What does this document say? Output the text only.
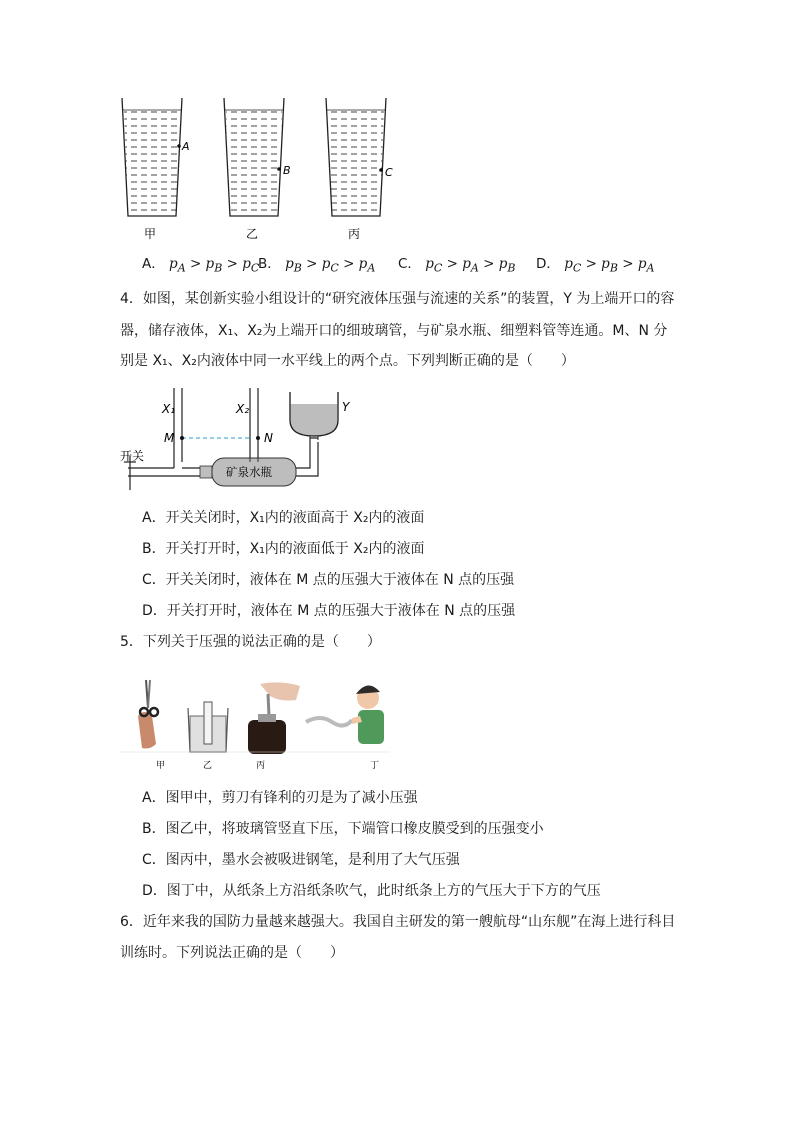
A
B	C
甲	乙	丙
A． $p_A > p_B > p_C$
B． $p_B > p_C > p_A$ C． $p_C > p_A > p_B$ D． $p_C > p_B > p_A$
4．如图，某创新实验小组设计的“研究液体压强与流速的关系”的装置，Y 为上端开口的容
器，储存液体，X₁、X₂为上端开口的细玻璃管，与矿泉水瓶、细塑料管等连通。M、N 分
别是 X₁、X₂内液体中同一水平线上的两个点。下列判断正确的是（　　）
X₁	X₂	Y
M	N
开关
矿泉水瓶
A．开关关闭时，X₁内的液面高于 X₂内的液面
B．开关打开时，X₁内的液面低于 X₂内的液面
C．开关关闭时，液体在 M 点的压强大于液体在 N 点的压强
D．开关打开时，液体在 M 点的压强大于液体在 N 点的压强
5．下列关于压强的说法正确的是（　　）
甲	乙	丙	丁
A．图甲中，剪刀有锋利的刃是为了减小压强
B．图乙中，将玻璃管竖直下压，下端管口橡皮膜受到的压强变小
C．图丙中，墨水会被吸进钢笔，是利用了大气压强
D．图丁中，从纸条上方沿纸条吹气，此时纸条上方的气压大于下方的气压
6．近年来我的国防力量越来越强大。我国自主研发的第一艘航母“山东舰”在海上进行科目
训练时。下列说法正确的是（　　）
